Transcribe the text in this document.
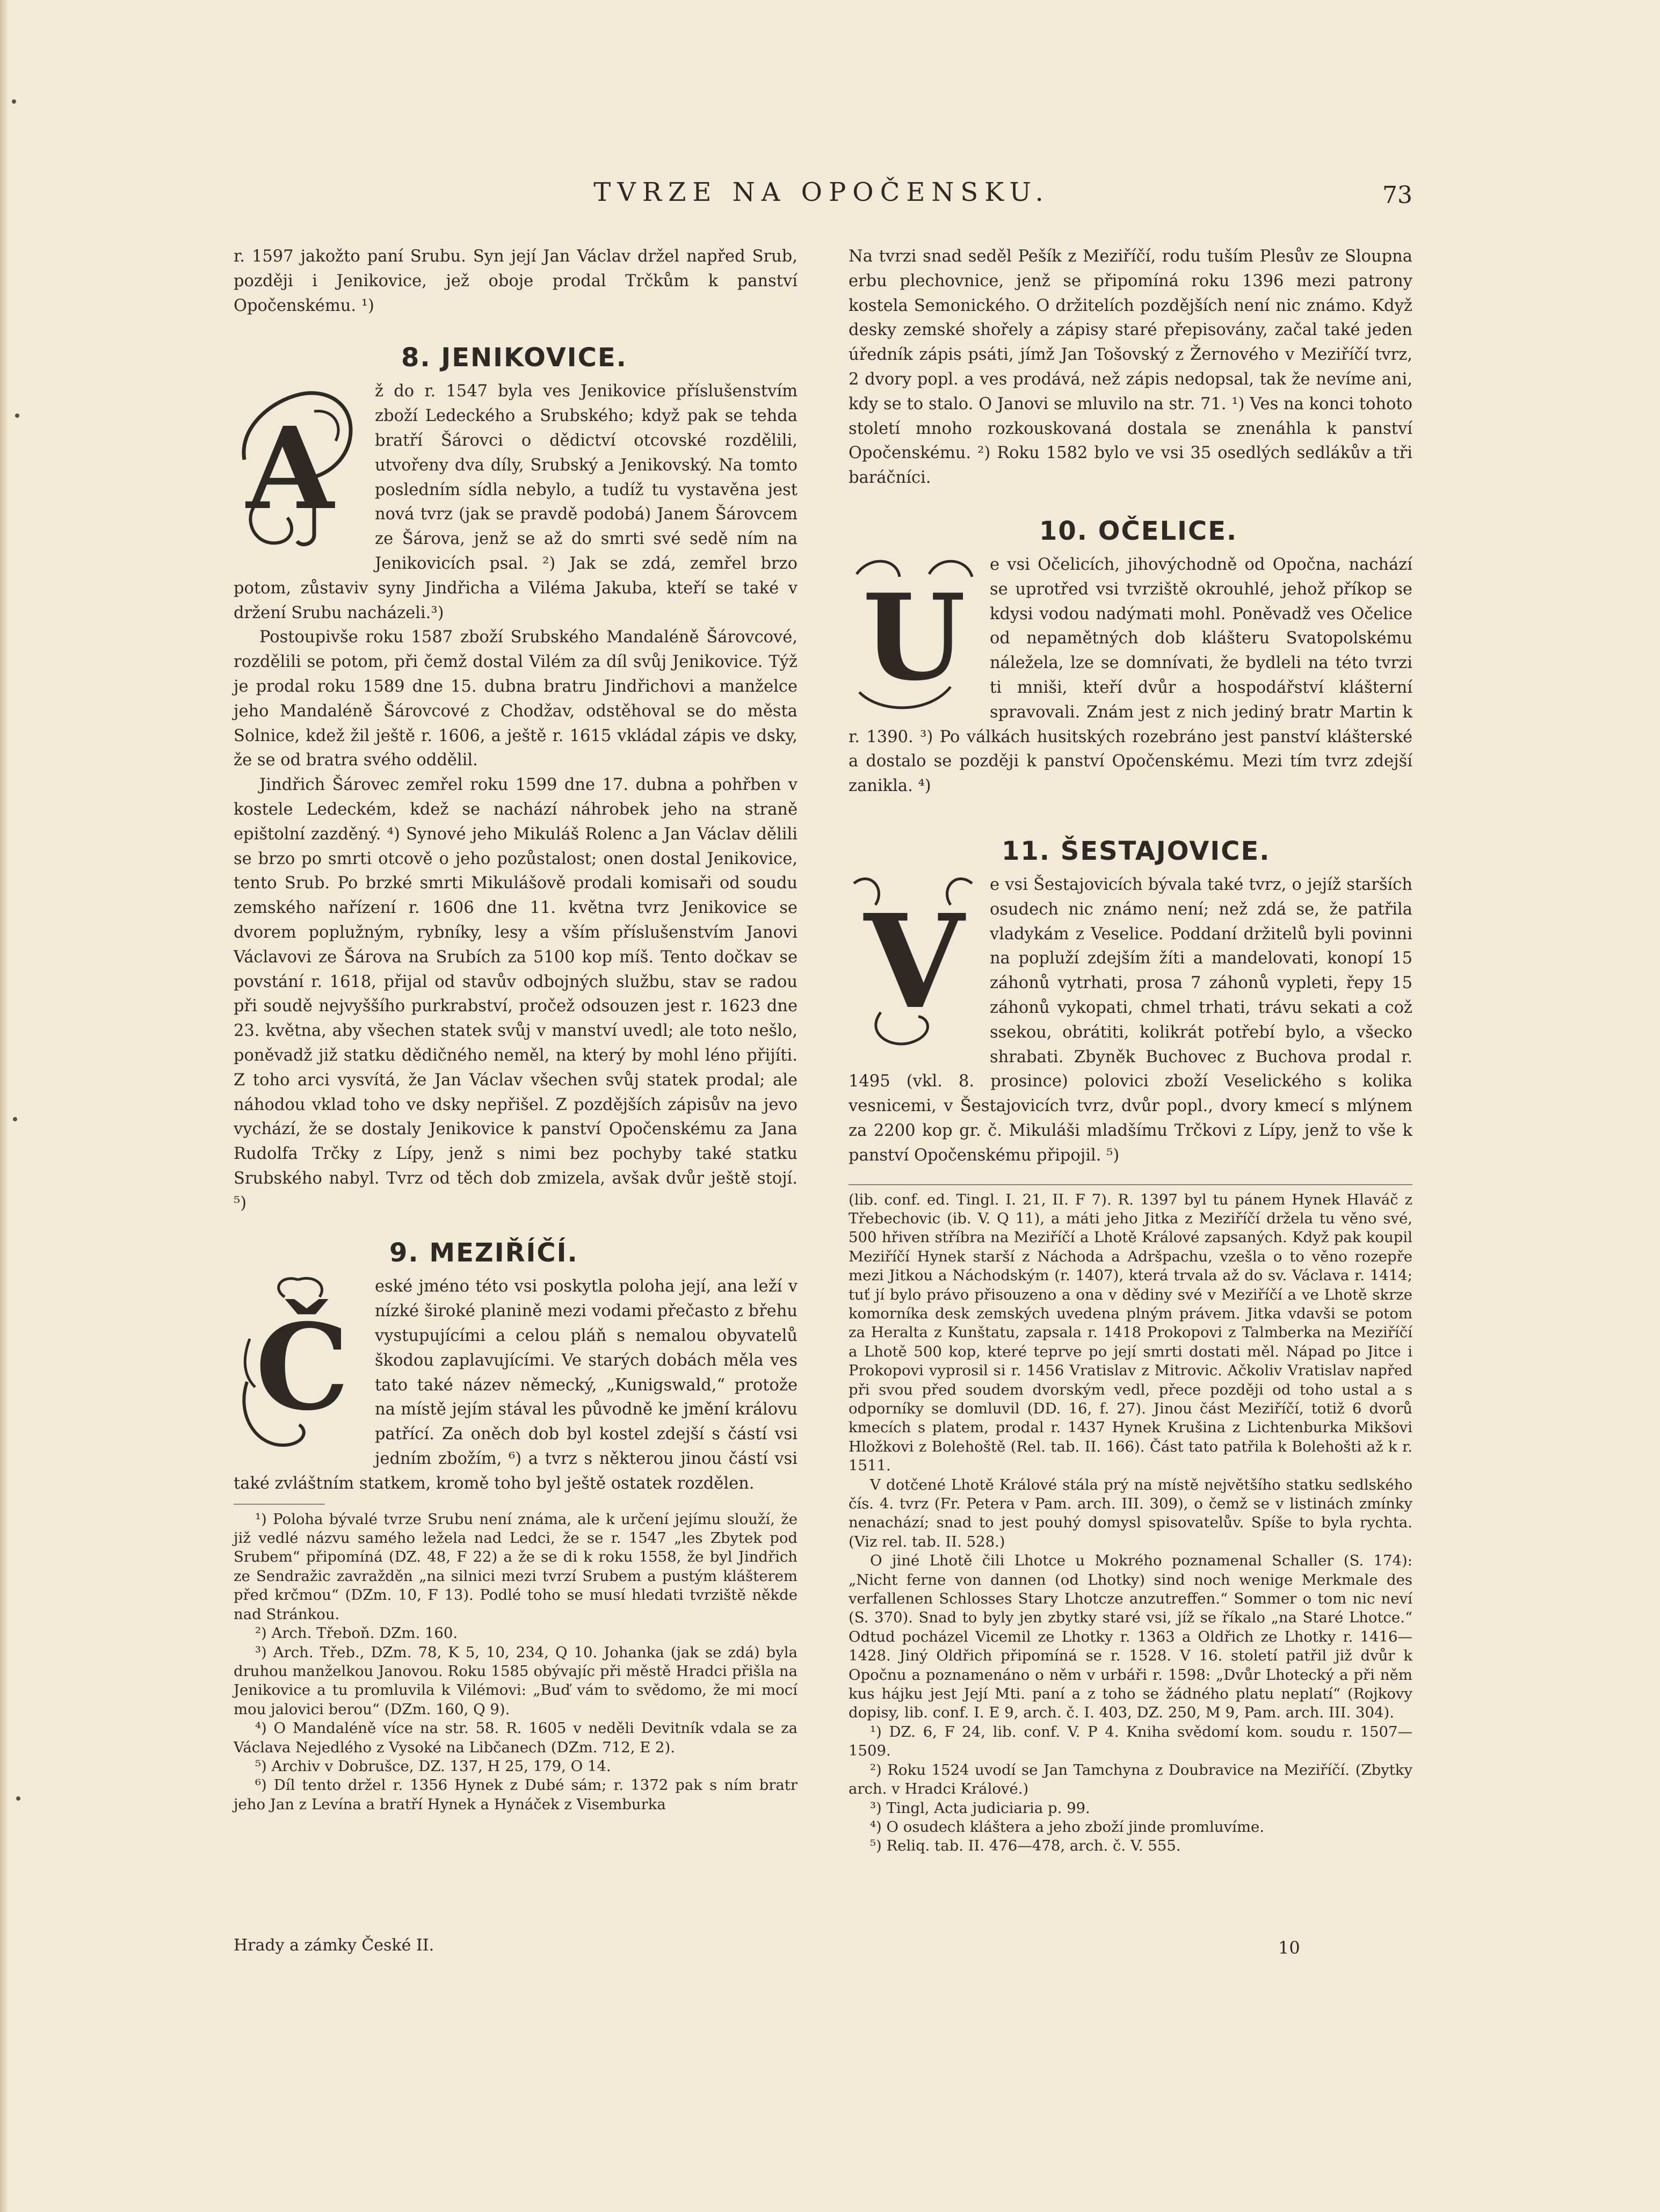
TVRZE NA OPOČENSKU.	73

r. 1597 jakožto paní Srubu. Syn její Jan Václav držel napřed Srub, později i Jenikovice, jež oboje prodal Trčkům k panství Opočenskému. ¹)

8. JENIKOVICE.
A

ž do r. 1547 byla ves Jenikovice příslušenstvím zboží Ledeckého a Srubského; když pak se tehda bratří Šárovci o dědictví otcovské rozdělili, utvořeny dva díly, Srubský a Jenikovský. Na tomto posledním sídla nebylo, a tudíž tu vystavěna jest nová tvrz (jak se pravdě podobá) Janem Šárovcem ze Šárova, jenž se až do smrti své sedě ním na Jenikovicích psal. ²) Jak se zdá, zemřel brzo potom, zůstaviv syny Jindřicha a Viléma Jakuba, kteří se také v držení Srubu nacházeli.³)

Postoupivše roku 1587 zboží Srubského Mandaléně Šárovcové, rozdělili se potom, při čemž dostal Vilém za díl svůj Jenikovice. Týž je prodal roku 1589 dne 15. dubna bratru Jindřichovi a manželce jeho Mandaléně Šárovcové z Chodžav, odstěhoval se do města Solnice, kdež žil ještě r. 1606, a ještě r. 1615 vkládal zápis ve dsky, že se od bratra svého oddělil.

Jindřich Šárovec zemřel roku 1599 dne 17. dubna a pohřben v kostele Ledeckém, kdež se nachází náhrobek jeho na straně epištolní zazděný. ⁴) Synové jeho Mikuláš Rolenc a Jan Václav dělili se brzo po smrti otcově o jeho pozůstalost; onen dostal Jenikovice, tento Srub. Po brzké smrti Mikulášově prodali komisaři od soudu zemského nařízení r. 1606 dne 11. května tvrz Jenikovice se dvorem poplužným, rybníky, lesy a vším příslušenstvím Janovi Václavovi ze Šárova na Srubích za 5100 kop míš. Tento dočkav se povstání r. 1618, přijal od stavův odbojných službu, stav se radou při soudě nejvyššího purkrabství, pročež odsouzen jest r. 1623 dne 23. května, aby všechen statek svůj v manství uvedl; ale toto nešlo, poněvadž již statku dědičného neměl, na který by mohl léno přijíti. Z toho arci vysvítá, že Jan Václav všechen svůj statek prodal; ale náhodou vklad toho ve dsky nepřišel. Z pozdějších zápisův na jevo vychází, že se dostaly Jenikovice k panství Opočenskému za Jana Rudolfa Trčky z Lípy, jenž s nimi bez pochyby také statku Srubského nabyl. Tvrz od těch dob zmizela, avšak dvůr ještě stojí. ⁵)

9. MEZIŘÍČÍ.
Č

eské jméno této vsi poskytla poloha její, ana leží v nízké široké planině mezi vodami přečasto z břehu vystupujícími a celou pláň s nemalou obyvatelů škodou zaplavujícími. Ve starých dobách měla ves tato také název německý, „Kunigswald,“ protože na místě jejím stával les původně ke jmění královu patřící. Za oněch dob byl kostel zdejší s částí vsi jedním zbožím, ⁶) a tvrz s některou jinou částí vsi také zvláštním statkem, kromě toho byl ještě ostatek rozdělen.

¹) Poloha bývalé tvrze Srubu není známa, ale k určení jejímu slouží, že již vedlé názvu samého ležela nad Ledci, že se r. 1547 „les Zbytek pod Srubem“ připomíná (DZ. 48, F 22) a že se di k roku 1558, že byl Jindřich ze Sendražic zavražděn „na silnici mezi tvrzí Srubem a pustým klášterem před krčmou“ (DZm. 10, F 13). Podlé toho se musí hledati tvrziště někde nad Stránkou.

²) Arch. Třeboň. DZm. 160.

³) Arch. Třeb., DZm. 78, K 5, 10, 234, Q 10. Johanka (jak se zdá) byla druhou manželkou Janovou. Roku 1585 obývajíc při městě Hradci přišla na Jenikovice a tu promluvila k Vilémovi: „Buď vám to svědomo, že mi mocí mou jalovici berou“ (DZm. 160, Q 9).

⁴) O Mandaléně více na str. 58. R. 1605 v neděli Devitník vdala se za Václava Nejedlého z Vysoké na Libčanech (DZm. 712, E 2).

⁵) Archiv v Dobrušce, DZ. 137, H 25, 179, O 14.

⁶) Díl tento držel r. 1356 Hynek z Dubé sám; r. 1372 pak s ním bratr jeho Jan z Levína a bratří Hynek a Hynáček z Visemburka

Hrady a zámky České II.

Na tvrzi snad seděl Pešík z Meziříčí, rodu tuším Plesův ze Sloupna erbu plechovnice, jenž se připomíná roku 1396 mezi patrony kostela Semonického. O držitelích pozdějších není nic známo. Když desky zemské shořely a zápisy staré přepisovány, začal také jeden úředník zápis psáti, jímž Jan Tošovský z Žernového v Meziříčí tvrz, 2 dvory popl. a ves prodává, než zápis nedopsal, tak že nevíme ani, kdy se to stalo. O Janovi se mluvilo na str. 71. ¹) Ves na konci tohoto století mnoho rozkouskovaná dostala se znenáhla k panství Opočenskému. ²) Roku 1582 bylo ve vsi 35 osedlých sedlákův a tři baráčníci.

10. OČELICE.
U

e vsi Očelicích, jihovýchodně od Opočna, nachází se uprotřed vsi tvrziště okrouhlé, jehož příkop se kdysi vodou nadýmati mohl. Poněvadž ves Očelice od nepamětných dob klášteru Svatopolskému náležela, lze se domnívati, že bydleli na této tvrzi ti mniši, kteří dvůr a hospodářství klášterní spravovali. Znám jest z nich jediný bratr Martin k r. 1390. ³) Po válkách husitských rozebráno jest panství klášterské a dostalo se později k panství Opočenskému. Mezi tím tvrz zdejší zanikla. ⁴)

11. ŠESTAJOVICE.
V

e vsi Šestajovicích bývala také tvrz, o jejíž starších osudech nic známo není; než zdá se, že patřila vladykám z Veselice. Poddaní držitelů byli povinni na popluží zdejším žíti a mandelovati, konopí 15 záhonů vytrhati, prosa 7 záhonů vypleti, řepy 15 záhonů vykopati, chmel trhati, trávu sekati a což ssekou, obrátiti, kolikrát potřebí bylo, a všecko shrabati. Zbyněk Buchovec z Buchova prodal r. 1495 (vkl. 8. prosince) polovici zboží Veselického s kolika vesnicemi, v Šestajovicích tvrz, dvůr popl., dvory kmecí s mlýnem za 2200 kop gr. č. Mikuláši mladšímu Trčkovi z Lípy, jenž to vše k panství Opočenskému připojil. ⁵)

(lib. conf. ed. Tingl. I. 21, II. F 7). R. 1397 byl tu pánem Hynek Hlaváč z Třebechovic (ib. V. Q 11), a máti jeho Jitka z Meziříčí držela tu věno své, 500 hřiven stříbra na Meziříčí a Lhotě Králové zapsaných. Když pak koupil Meziříčí Hynek starší z Náchoda a Adršpachu, vzešla o to věno rozepře mezi Jitkou a Náchodským (r. 1407), která trvala až do sv. Václava r. 1414; tuť jí bylo právo přisouzeno a ona v dědiny své v Meziříčí a ve Lhotě skrze komorníka desk zemských uvedena plným právem. Jitka vdavši se potom za Heralta z Kunštatu, zapsala r. 1418 Prokopovi z Talmberka na Meziříčí a Lhotě 500 kop, které teprve po její smrti dostati měl. Nápad po Jitce i Prokopovi vyprosil si r. 1456 Vratislav z Mitrovic. Ačkoliv Vratislav napřed při svou před soudem dvorským vedl, přece později od toho ustal a s odporníky se domluvil (DD. 16, f. 27). Jinou část Meziříčí, totiž 6 dvorů kmecích s platem, prodal r. 1437 Hynek Krušina z Lichtenburka Mikšovi Hložkovi z Bolehoště (Rel. tab. II. 166). Část tato patřila k Bolehošti až k r. 1511.

V dotčené Lhotě Králové stála prý na místě největšího statku sedlského čís. 4. tvrz (Fr. Petera v Pam. arch. III. 309), o čemž se v listinách zmínky nenachází; snad to jest pouhý domysl spisovatelův. Spíše to byla rychta. (Viz rel. tab. II. 528.)

O jiné Lhotě čili Lhotce u Mokrého poznamenal Schaller (S. 174): „Nicht ferne von dannen (od Lhotky) sind noch wenige Merkmale des verfallenen Schlosses Stary Lhotcze anzutreffen.“ Sommer o tom nic neví (S. 370). Snad to byly jen zbytky staré vsi, jíž se říkalo „na Staré Lhotce.“ Odtud pocházel Vicemil ze Lhotky r. 1363 a Oldřich ze Lhotky r. 1416—1428. Jiný Oldřich připomíná se r. 1528. V 16. století patřil již dvůr k Opočnu a poznamenáno o něm v urbáři r. 1598: „Dvůr Lhotecký a při něm kus hájku jest Její Mti. paní a z toho se žádného platu neplatí“ (Rojkovy dopisy, lib. conf. I. E 9, arch. č. I. 403, DZ. 250, M 9, Pam. arch. III. 304).

¹) DZ. 6, F 24, lib. conf. V. P 4. Kniha svědomí kom. soudu r. 1507—1509.

²) Roku 1524 uvodí se Jan Tamchyna z Doubravice na Meziříčí. (Zbytky arch. v Hradci Králové.)

³) Tingl, Acta judiciaria p. 99.

⁴) O osudech kláštera a jeho zboží jinde promluvíme.

⁵) Reliq. tab. II. 476—478, arch. č. V. 555.

10
